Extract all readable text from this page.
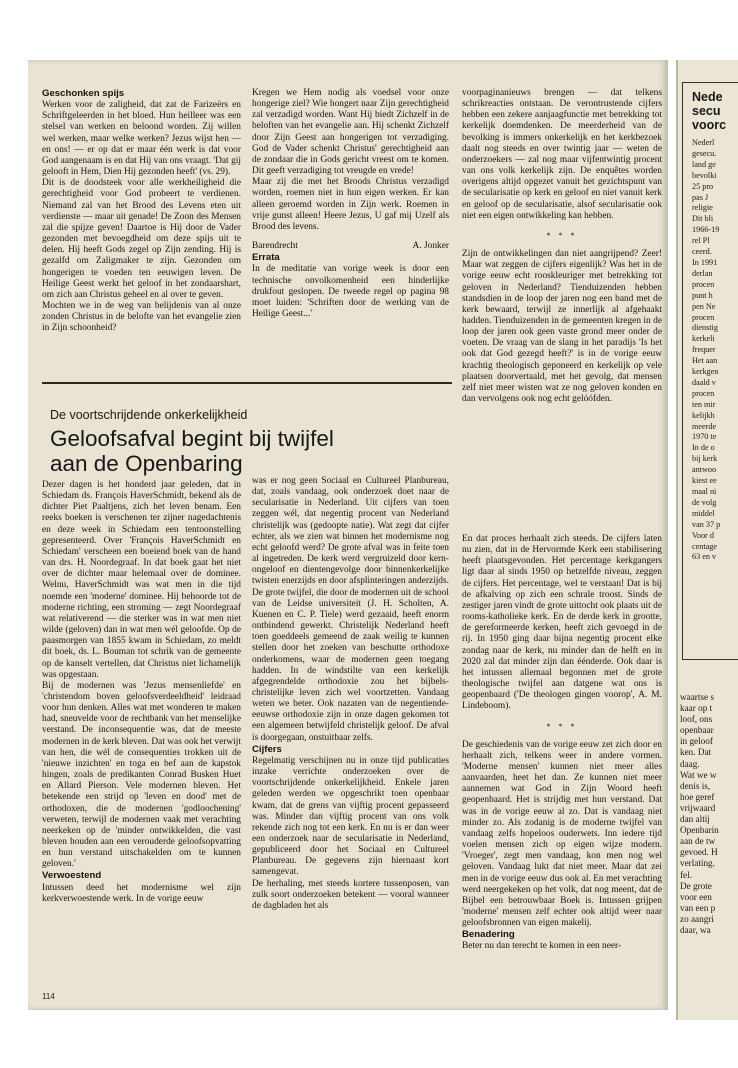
Geschonken spijs

Werken voor de zaligheid, dat zat de Farizeërs en Schriftgeleerden in het bloed. Hun heilleer was een stelsel van werken en beloond worden. Zij willen wel werken, maar welke werken? Jezus wijst hen — en ons! — er op dat er maar één werk is dat voor God aangenaam is en dat Hij van ons vraagt. 'Dat gij gelooft in Hem, Dien Hij gezonden heeft' (vs. 29).

Dit is de doodsteek voor alle werkheiligheid die gerechtigheid voor God probeert te verdienen. Niemand zal van het Brood des Levens eten uit verdienste — maar uit genade! De Zoon des Mensen zal die spijze geven! Daartoe is Hij door de Vader gezonden met bevoegdheid om deze spijs uit te delen. Hij heeft Gods zegel op Zijn zending. Hij is gezalfd om Zaligmaker te zijn. Gezonden om hongerigen te voeden ten eeuwigen leven. De Heilige Geest werkt het geloof in het zondaarshart, om zich aan Christus geheel en al over te geven.

Mochten we in de weg van belijdenis van al onze zonden Christus in de belofte van het evangelie zien in Zijn schoonheid?

Kregen we Hem nodig als voedsel voor onze hongerige ziel? Wie hongert naar Zijn gerechtigheid zal verzadigd worden. Want Hij biedt Zichzelf in de beloften van het evangelie aan. Hij schenkt Zichzelf door Zijn Geest aan hongerigen tot verzadiging. God de Vader schenkt Christus' gerechtigheid aan de zondaar die in Gods gericht vreest om te komen. Dit geeft verzadiging tot vreugde en vrede!

Maar zij die met het Broods Christus verzadigd worden, roemen niet in hun eigen werken. Er kan alleen geroemd worden in Zijn werk. Roemen in vrije gunst alleen! Heere Jezus, U gaf mij Uzelf als Brood des levens.

Barendrecht	A. Jonker
Errata

In de meditatie van vorige week is door een technische onvolkomenheid een hinderlijke drukfout geslopen. De tweede regel op pagina 98 moet luiden: 'Schriften door de werking van de Heilige Geest...'

voorpaginanieuws brengen — dat telkens schrikreacties ontstaan. De verontrustende cijfers hebben een zekere aanjaagfunctie met betrekking tot kerkelijk doemdenken. De meerderheid van de bevolking is immers onkerkelijk en het kerkbezoek daalt nog steeds en over twintig jaar — weten de onderzoekers — zal nog maar vijfentwintig procent van ons volk kerkelijk zijn. De enquêtes worden overigens altijd opgezet vanuit het gezichtspunt van de secularisatie op kerk en geloof en niet vanuit kerk en geloof op de secularisatie, alsof secularisatie ook niet een eigen ontwikkeling kan hebben.

* * *

Zijn de ontwikkelingen dan niet aangrijpend? Zeer! Maar wat zeggen de cijfers eigenlijk? Was het in de vorige eeuw echt rooskleuriger met betrekking tot geloven in Nederland? Tienduizenden hebben standsdien in de loop der jaren nog een band met de kerk bewaard, terwijl ze innerlijk al afgehaakt hadden. Tienduizenden in de gemeenten kregen in de loop der jaren ook geen vaste grond meer onder de voeten. De vraag van de slang in het paradijs 'Is het ook dat God gezegd heeft?' is in de vorige eeuw krachtig theologisch geponeerd en kerkelijk op vele plaatsen doorvertaald, met het gevolg, dat mensen zelf niet meer wisten wat ze nog geloven konden en dan vervolgens ook nog echt gelóófden.

De voortschrijdende onkerkelijkheid
Geloofsafval begint bij twijfel aan de Openbaring

Dezer dagen is het honderd jaar geleden, dat in Schiedam ds. François HaverSchmidt, bekend als de dichter Piet Paaltjens, zich het leven benam. Een reeks boeken is verschenen ter zijner nagedachtenis en deze week in Schiedam een tentoonstelling gepresenteerd. Over 'François HaverSchmidt en Schiedam' verscheen een boeiend boek van de hand van drs. H. Noordegraaf. In dat boek gaat het niet over de dichter maar helemaal over de dominee. Welnu, HaverSchmidt was wat men in die tijd noemde een 'moderne' dominee. Hij behoorde tot de moderne richting, een stroming — zegt Noordegraaf wat relativerend — die sterker was in wat men niet wilde (geloven) dan in wat men wél geloofde. Op de paasmorgen van 1855 kwam in Schiedam, zo meldt dit boek, ds. L. Bouman tot schrik van de gemeente op de kanselt vertellen, dat Christus niet lichamelijk was opgestaan.

Bij de modernen was 'Jezus mensenliefde' en 'christendom boven geloofsverdeeldheid' leidraad voor hun denken. Alles wat met wonderen te maken had, sneuvelde voor de rechtbank van het menselijke verstand. De inconsequentie was, dat de meeste modernen in de kerk bleven. Dat was ook het verwijt van hen, die wél de consequenties trokken uit de 'nieuwe inzichten' en toga en bef aan de kapstok hingen, zoals de predikanten Conrad Busken Huet en Allard Pierson. Vele modernen bleven. Het betekende een strijd op 'leven en dood' met de orthodoxen, die de modernen 'godloochening' verweten, terwijl de modernen vaak met verachting neerkeken op de 'minder ontwikkelden, die vast bleven houden aan een verouderde geloofsopvatting en hun verstand uitschakelden om te kunnen geloven.'

Verwoestend

Intussen deed het modernisme wel zijn kerkverwoestende werk. In de vorige eeuw

was er nog geen Sociaal en Cultureel Planbureau, dat, zoals vandaag, ook onderzoek doet naar de secularisatie in Nederland. Uit cijfers van toen zeggen wél, dat negentig procent van Nederland christelijk was (gedoopte natie). Wat zegt dat cijfer echter, als we zien wat binnen het modernisme nog echt geloofd werd? De grote afval was in feite toen al ingetreden. De kerk werd vergruizeld door kern-ongeloof en dientengevolge door binnenkerkelijke twisten enerzijds en door afsplinteringen anderzijds. De grote twijfel, die door de modernen uit de school van de Leidse universiteit (J. H. Scholten, A. Kuenen en C. P. Tiele) werd gezaaid, heeft enorm ontbindend gewerkt. Christelijk Nederland heeft toen goeddeels gemeend de zaak weilig te kunnen stellen door het zoeken van beschutte orthodoxe onderkomens, waar de modernen geen toegang hadden. In de windstilte van een kerkelijk afgegrendelde orthodoxie zou het bijbels-christelijke leven zich wel voortzetten. Vandaag weten we beter. Ook nazaten van de negentiende-eeuwse orthodoxie zijn in onze dagen gekomen tot een algemeen betwijfeld christelijk geloof. De afval is doorgegaan, onstuitbaar zelfs.

Cijfers

Regelmatig verschijnen nu in onze tijd publicaties inzake verrichte onderzoeken over de voortschrijdende onkerkelijkheid. Enkele jaren geleden werden we opgeschrikt toen openbaar kwam, dat de grens van vijftig procent gepasseerd was. Minder dan vijftig procent van ons volk rekende zich nog tot een kerk. En nu is er dan weer een onderzoek naar de secularisatie in Nederland, gepubliceerd door het Sociaal en Cultureel Planbureau. De gegevens zijn hiernaast kort samengevat.

De herhaling, met steeds kortere tussenposen, van zulk soort onderzoeken betekent — vooral wanneer de dagbladen het als

En dat proces herhaalt zich steeds. De cijfers laten nu zien, dat in de Hervormde Kerk een stabilisering heeft plaatsgevonden. Het percentage kerkgangers ligt daar al sinds 1950 op hetzelfde niveau, zeggen de cijfers. Het percentage, wel te verstaan! Dat is bij de afkalving op zich een schrale troost. Sinds de zestiger jaren vindt de grote uittocht ook plaats uit de rooms-katholieke kerk. En de derde kerk in grootte, de gereformeerde kerken, heeft zich gevoegd in de rij. In 1950 ging daar bijna negentig procent elke zondag naar de kerk, nu minder dan de helft en in 2020 zal dat minder zijn dan éénderde. Ook daar is het intussen allemaal begonnen met de grote theologische twijfel aan datgene wat ons is geopenbaard ('De theologen gingen voorop', A. M. Lindeboom).

* * *

De geschiedenis van de vorige eeuw zet zich door en herhaalt zich, telkens weer in andere vormen. 'Moderne mensen' kunnen niet meer alles aanvaarden, heet het dan. Ze kunnen niet meer aannemen wat God in Zijn Woord heeft geopenbaard. Het is strijdig met hun verstand. Dat was in de vorige eeuw al zo. Dat is vandaag niet minder zo. Als zodanig is de moderne twijfel van vandaag zelfs hopeloos ouderwets. Inn iedere tijd voelen mensen zich op eigen wijze modern. 'Vroeger', zegt men vandaag, kon men nog wel geloven. Vandaag lukt dat niet meer. Maar dat zei men in de vorige eeuw dus ook al. En met verachting werd neergekeken op het volk, dat nog meent, dat de Bijbel een betrouwbaar Boek is. Intussen grijpen 'moderne' mensen zelf echter ook altijd weer naar geloofsbronnen van eigen makelij.

Benadering

Beter nu dan terecht te komen in een neer-

114
Nede
secu
voorc
Nederl
gesecu.
land ge
bevolki
25 pro
pas J
religie
Dit bli
1966-19
rel Pl
ceerd.
In 1991
derlan
procen
punt h
pen Ne
procen
dienstig
kerkeli
frequer
Het aan
kerkgen
daald v
procen
ten mir
kelijkh
meerde
1970 te
In de o
bij kerk
antwoo
kiest ee
maal ni
de volg
middel
van 37 p
Voor d
centage
63 en v
waartse s
kaar op t
loof, ons
openbaar
in geloof
ken. Dat
daag.
Wat we w
denis is,
hoe geref
vrijwaard
dan altij
Openbarin
aan de tw
gevoed. H
verlating.
fel.
De grote
voor een
van een p
zo aangri
daar, wa
